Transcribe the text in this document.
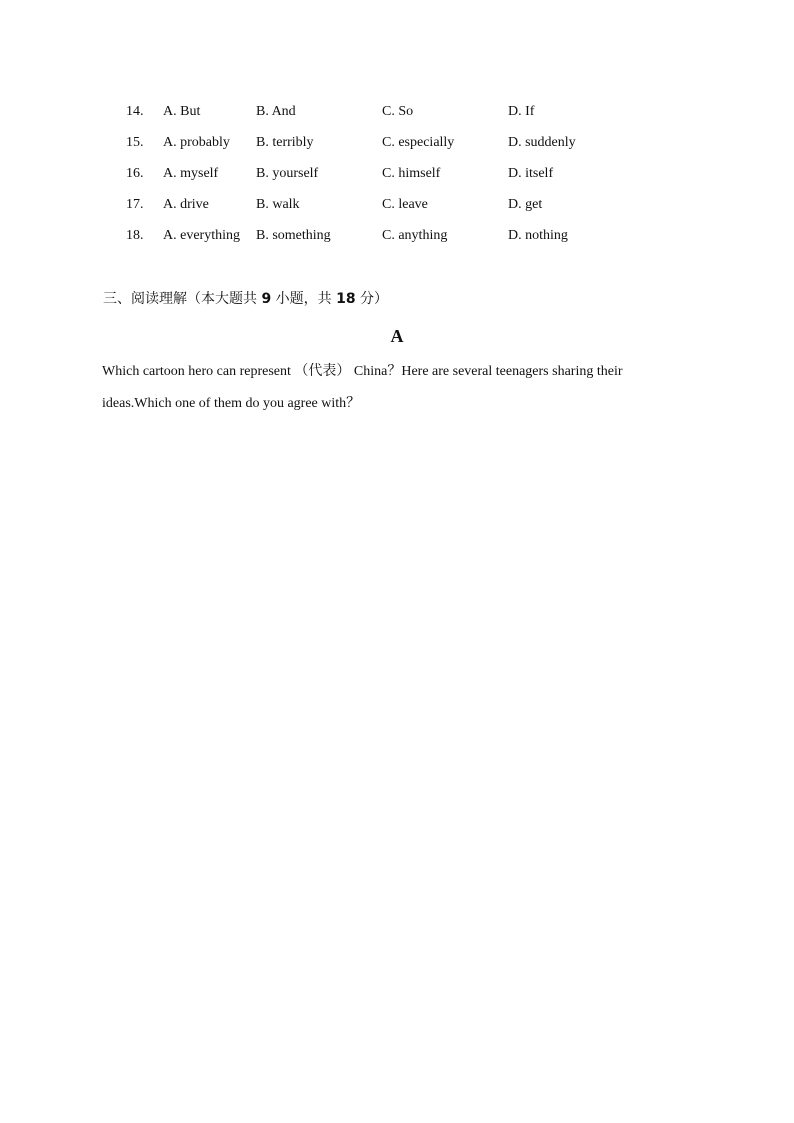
14. A. But	B. And	C. So	D. If
15. A. probably B. terribly	C. especially	D. suddenly
16. A. myself	B. yourself	C. himself	D. itself
17. A. drive	B. walk	C. leave	D. get
18. A. everything B. something	C. anything	D. nothing
三、阅读理解（本大题共 9 小题，共 18 分）
A
Which cartoon hero can represent （代表） China？Here are several teenagers sharing their
ideas.Which one of them do you agree with？
